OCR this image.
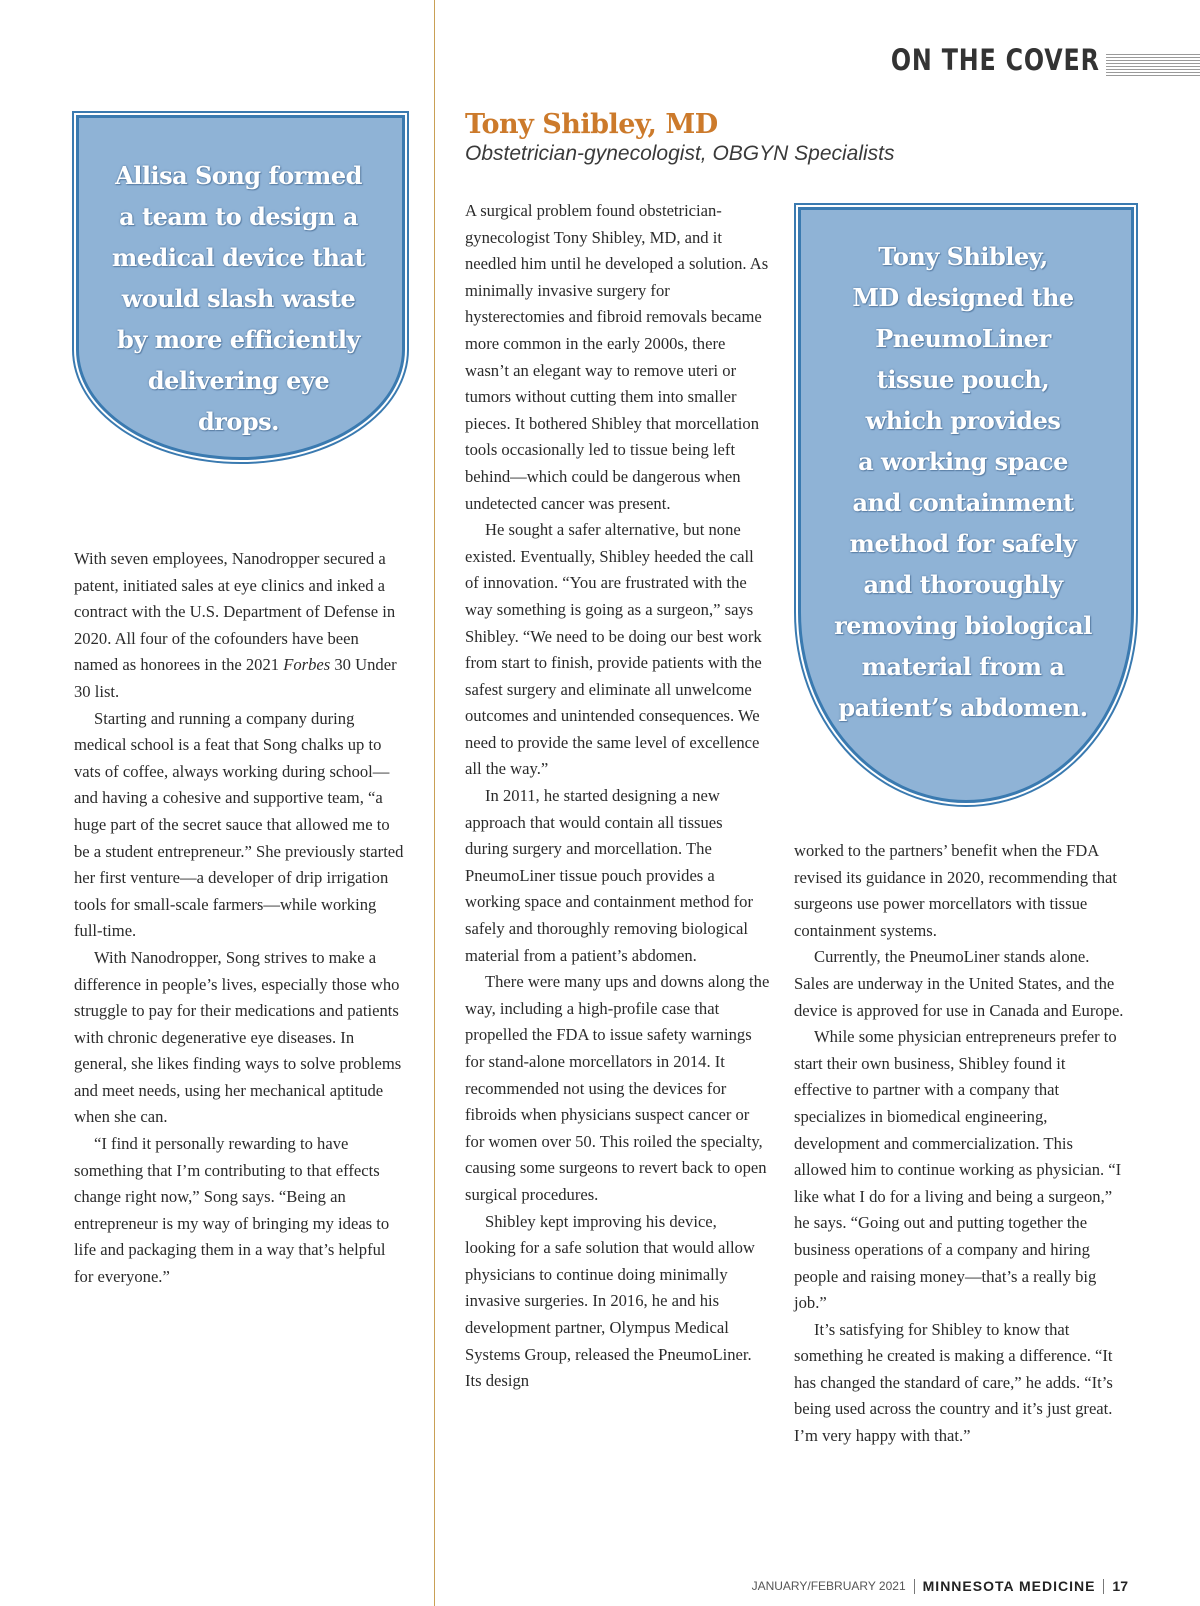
ON THE COVER
Allisa Song formed
a team to design a
medical device that
would slash waste
by more efficiently
delivering eye
drops.
Tony Shibley,
MD designed the
PneumoLiner
tissue pouch,
which provides
a working space
and containment
method for safely
and thoroughly
removing biological
material from a
patient’s abdomen.
Tony Shibley, MD
Obstetrician-gynecologist, OBGYN Specialists

With seven employees, Nanodropper secured a patent, initiated sales at eye clinics and inked a contract with the U.S. Department of Defense in 2020. All four of the cofounders have been named as honorees in the 2021 Forbes 30 Under 30 list.

Starting and running a company during medical school is a feat that Song chalks up to vats of coffee, always working during school—and having a cohesive and supportive team, “a huge part of the secret sauce that allowed me to be a student entrepreneur.” She previously started her first venture—a developer of drip irrigation tools for small-scale farmers—while working full-time.

With Nanodropper, Song strives to make a difference in people’s lives, especially those who struggle to pay for their medications and patients with chronic degenerative eye diseases. In general, she likes finding ways to solve problems and meet needs, using her mechanical aptitude when she can.

“I find it personally rewarding to have something that I’m contributing to that effects change right now,” Song says. “Being an entrepreneur is my way of bringing my ideas to life and packaging them in a way that’s helpful for everyone.”

A surgical problem found obstetrician-gynecologist Tony Shibley, MD, and it needled him until he developed a solution. As minimally invasive surgery for hysterectomies and fibroid removals became more common in the early 2000s, there wasn’t an elegant way to remove uteri or tumors without cutting them into smaller pieces. It bothered Shibley that morcellation tools occasionally led to tissue being left behind—which could be dangerous when undetected cancer was present.

He sought a safer alternative, but none existed. Eventually, Shibley heeded the call of innovation. “You are frustrated with the way something is going as a surgeon,” says Shibley. “We need to be doing our best work from start to finish, provide patients with the safest surgery and eliminate all unwelcome outcomes and unintended consequences. We need to provide the same level of excellence all the way.”

In 2011, he started designing a new approach that would contain all tissues during surgery and morcellation. The PneumoLiner tissue pouch provides a working space and containment method for safely and thoroughly removing biological material from a patient’s abdomen.

There were many ups and downs along the way, including a high-profile case that propelled the FDA to issue safety warnings for stand-alone morcellators in 2014. It recommended not using the devices for fibroids when physicians suspect cancer or for women over 50. This roiled the specialty, causing some surgeons to revert back to open surgical procedures.

Shibley kept improving his device, looking for a safe solution that would allow physicians to continue doing minimally invasive surgeries. In 2016, he and his development partner, Olympus Medical Systems Group, released the PneumoLiner. Its design

worked to the partners’ benefit when the FDA revised its guidance in 2020, recommending that surgeons use power morcellators with tissue containment systems.

Currently, the PneumoLiner stands alone. Sales are underway in the United States, and the device is approved for use in Canada and Europe.

While some physician entrepreneurs prefer to start their own business, Shibley found it effective to partner with a company that specializes in biomedical engineering, development and commercialization. This allowed him to continue working as physician. “I like what I do for a living and being a surgeon,” he says. “Going out and putting together the business operations of a company and hiring people and raising money—that’s a really big job.”

It’s satisfying for Shibley to know that something he created is making a difference. “It has changed the standard of care,” he adds. “It’s being used across the country and it’s just great. I’m very happy with that.”

JANUARY/FEBRUARY 2021 MINNESOTA MEDICINE 17
